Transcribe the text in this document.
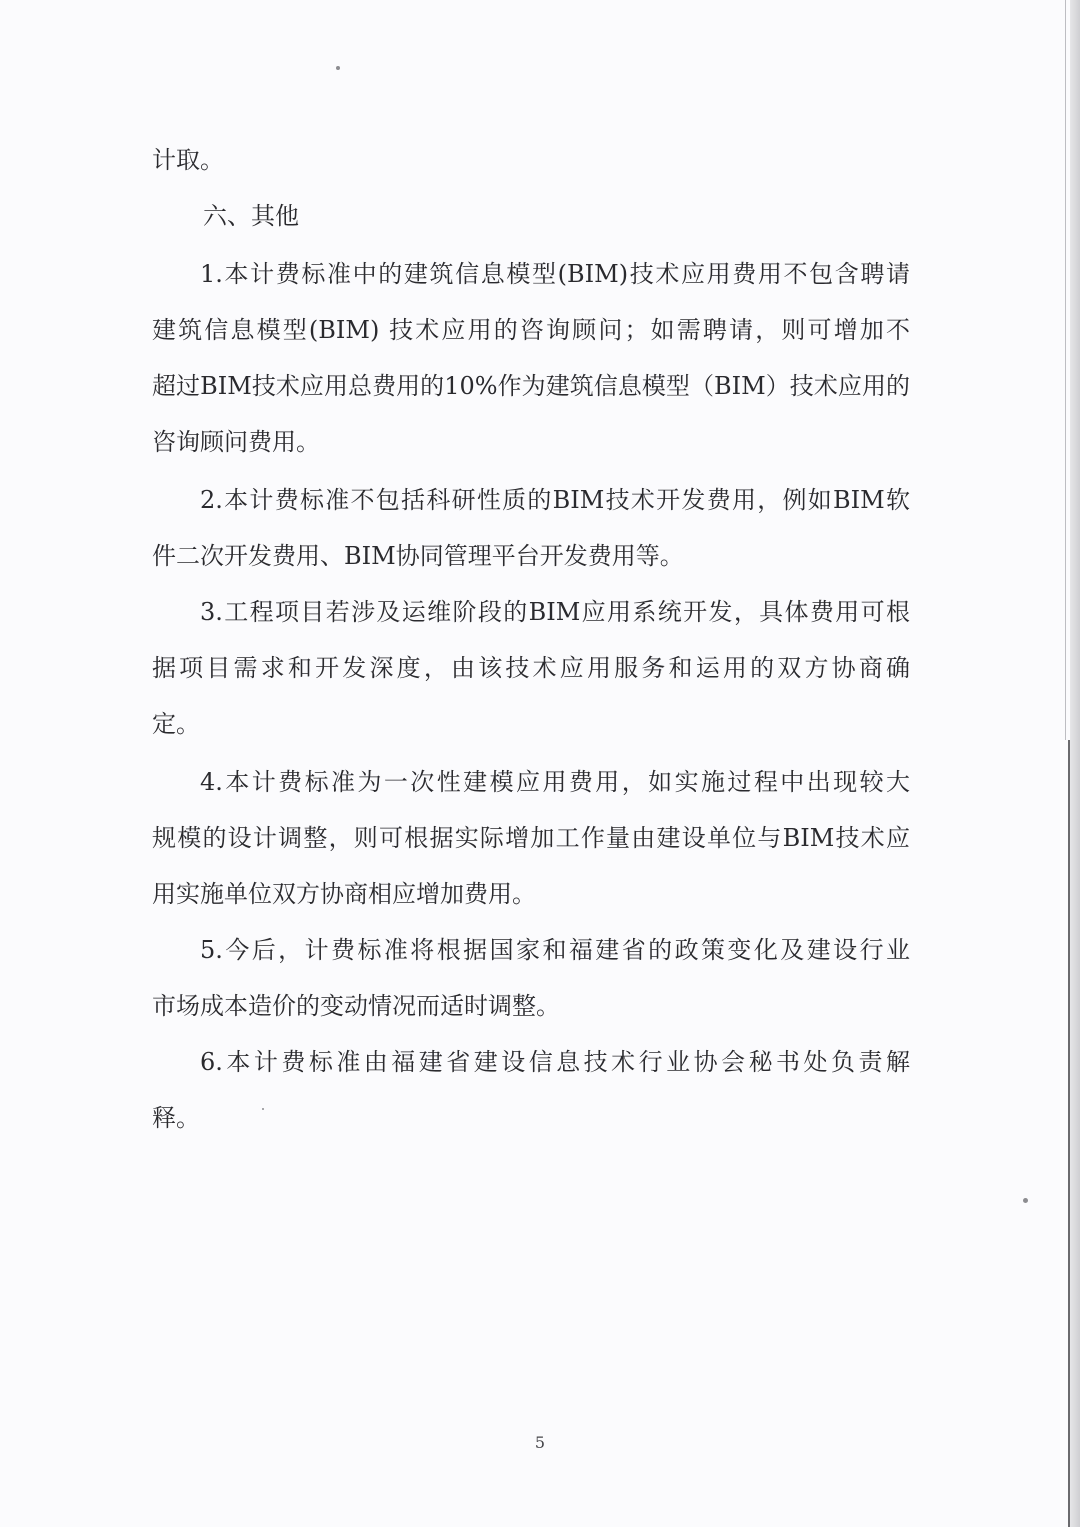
计取。
六、其他
1.本计费标准中的建筑信息模型(BIM)技术应用费用不包含聘请
建筑信息模型(BIM) 技术应用的咨询顾问；如需聘请，则可增加不
超过BIM技术应用总费用的10%作为建筑信息模型（BIM）技术应用的
咨询顾问费用。
2.本计费标准不包括科研性质的BIM技术开发费用，例如BIM软
件二次开发费用、BIM协同管理平台开发费用等。
3.工程项目若涉及运维阶段的BIM应用系统开发，具体费用可根
据项目需求和开发深度，由该技术应用服务和运用的双方协商确
定。
4.本计费标准为一次性建模应用费用，如实施过程中出现较大
规模的设计调整，则可根据实际增加工作量由建设单位与BIM技术应
用实施单位双方协商相应增加费用。
5.今后，计费标准将根据国家和福建省的政策变化及建设行业
市场成本造价的变动情况而适时调整。
6.本计费标准由福建省建设信息技术行业协会秘书处负责解
释。
5
